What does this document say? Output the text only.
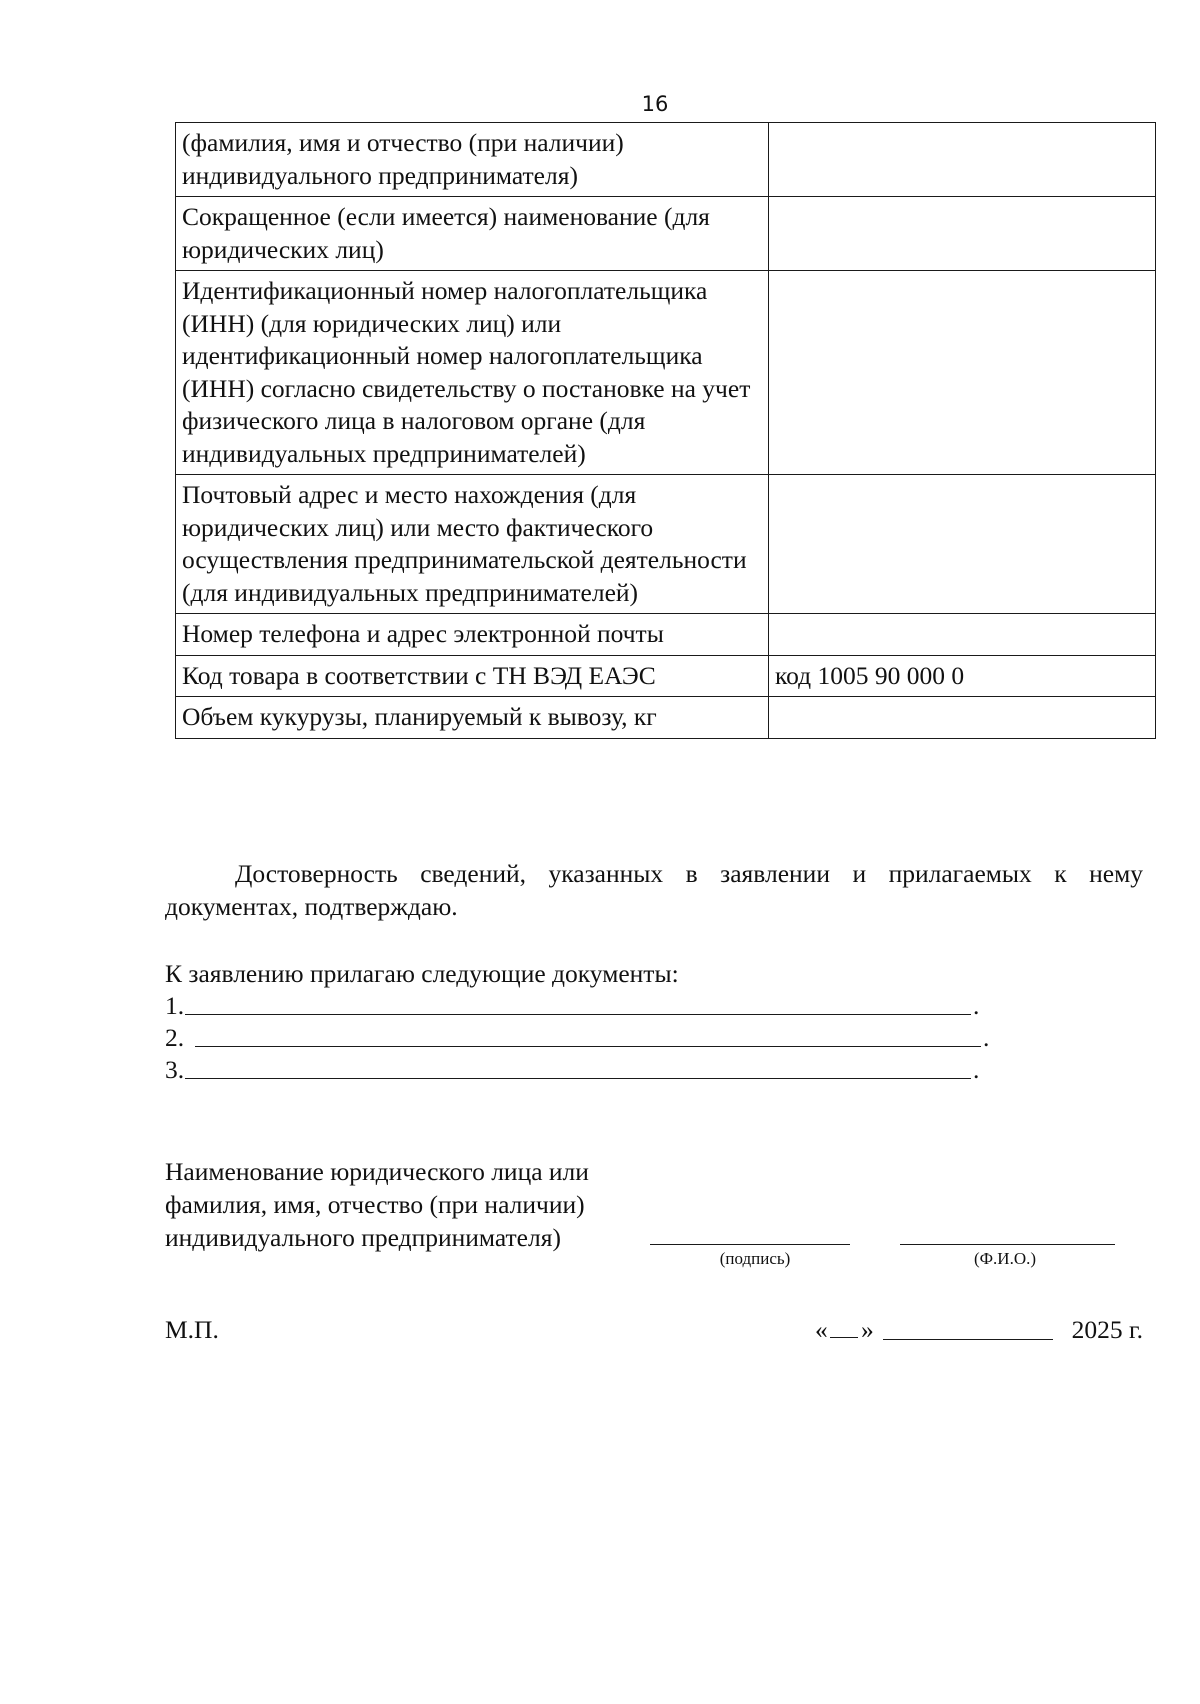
16
(фамилия, имя и отчество (при наличии) индивидуального предпринимателя)	
Сокращенное (если имеется) наименование (для юридических лиц)	
Идентификационный номер налогоплательщика (ИНН) (для юридических лиц) или идентификационный номер налогоплательщика (ИНН) согласно свидетельству о постановке на учет физического лица в налоговом органе (для индивидуальных предпринимателей)	
Почтовый адрес и место нахождения (для юридических лиц) или место фактического осуществления предпринимательской деятельности (для индивидуальных предпринимателей)	
Номер телефона и адрес электронной почты	
Код товара в соответствии с ТН ВЭД ЕАЭС	код 1005 90 000 0
Объем кукурузы, планируемый к вывозу, кг	
Достоверность сведений, указанных в заявлении и прилагаемых к нему документах, подтверждаю.
К заявлению прилагаю следующие документы:
1.	.
2.	.
3.	.
Наименование юридического лица или
фамилия, имя, отчество (при наличии)
индивидуального предпринимателя)
(подпись)	(Ф.И.О.)
М.П.	« »	2025 г.
